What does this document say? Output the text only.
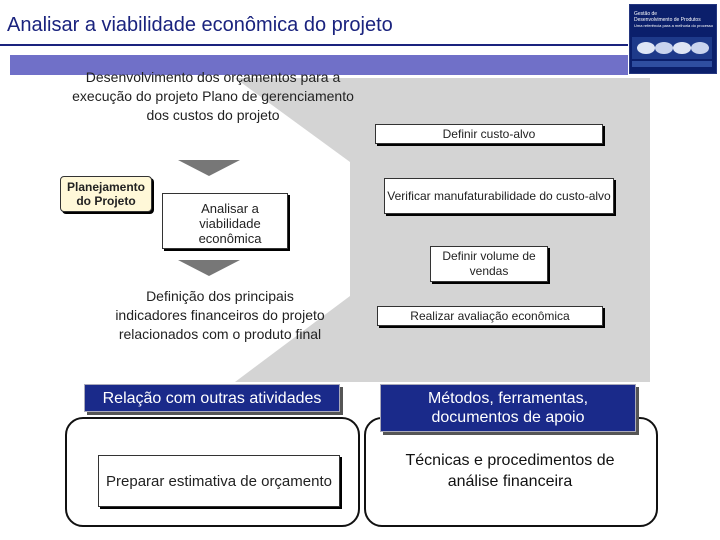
Analisar a viabilidade econômica do projeto	Gestão de
Desenvolvimento de Produtos
Uma referência para a melhoria do processo
Desenvolvimento dos orçamentos para a execução do projeto Plano de gerenciamento dos custos do projeto
Analisar a viabilidade econômica
Planejamento do Projeto
Definição dos principais indicadores financeiros do projeto relacionados com o produto final
Relação com outras atividades
Preparar estimativa de orçamento
Definir custo-alvo
Verificar manufaturabilidade do custo-alvo
Definir volume de vendas
Realizar avaliação econômica
Métodos, ferramentas, documentos de apoio
Técnicas e procedimentos de análise financeira
